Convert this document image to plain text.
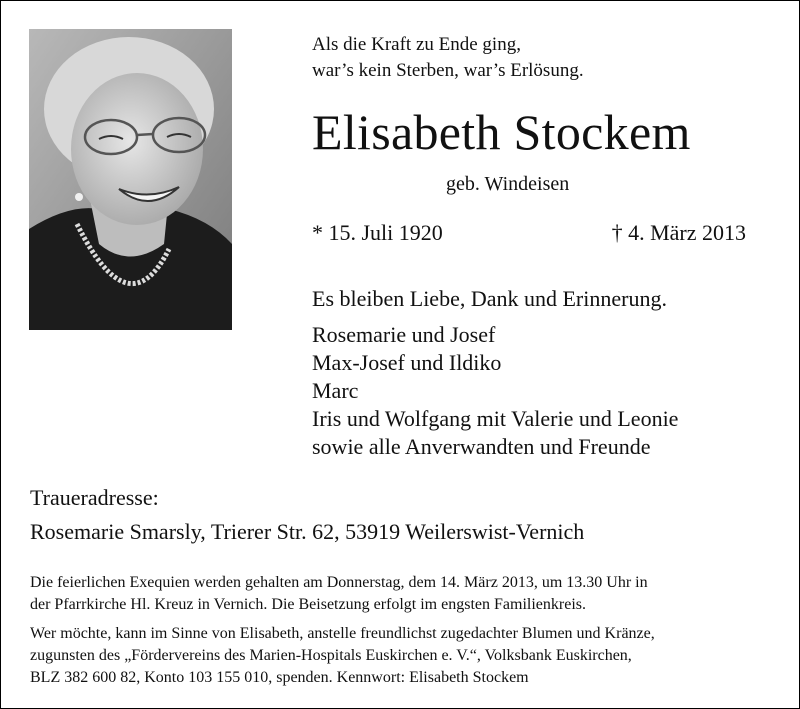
Als die Kraft zu Ende ging,
war’s kein Sterben, war’s Erlösung.
Elisabeth Stockem
geb. Windeisen
* 15. Juli 1920	† 4. März 2013
Es bleiben Liebe, Dank und Erinnerung.
Rosemarie und Josef
Max-Josef und Ildiko
Marc
Iris und Wolfgang mit Valerie und Leonie
sowie alle Anverwandten und Freunde
Traueradresse:
Rosemarie Smarsly, Trierer Str. 62, 53919 Weilerswist-Vernich
Die feierlichen Exequien werden gehalten am Donnerstag, dem 14. März 2013, um 13.30 Uhr in
der Pfarrkirche Hl. Kreuz in Vernich. Die Beisetzung erfolgt im engsten Familienkreis.
Wer möchte, kann im Sinne von Elisabeth, anstelle freundlichst zugedachter Blumen und Kränze,
zugunsten des „Fördervereins des Marien-Hospitals Euskirchen e. V.“, Volksbank Euskirchen,
BLZ 382 600 82, Konto 103 155 010, spenden. Kennwort: Elisabeth Stockem
